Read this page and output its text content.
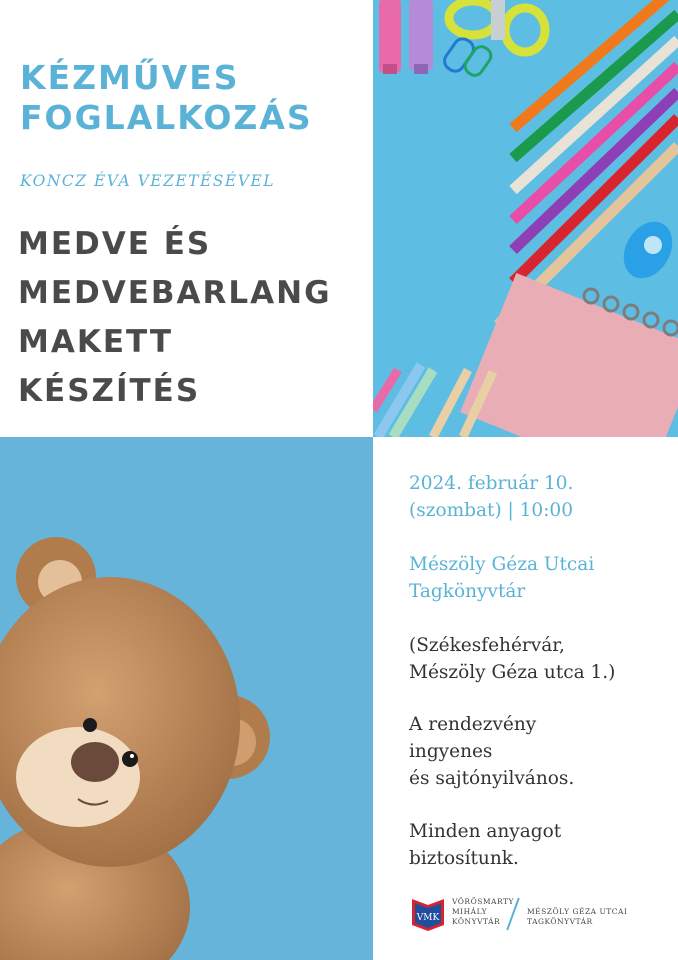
KÉZMŰVES
FOGLALKOZÁS

KONCZ ÉVA VEZETÉSÉVEL

MEDVE ÉS
MEDVEBARLANG
MAKETT
KÉSZÍTÉS

2024. február 10.
(szombat) | 10:00

Mészöly Géza Utcai
Tagkönyvtár

(Székesfehérvár,
Mészöly Géza utca 1.)

A rendezvény
ingyenes
és sajtónyilvános.

Minden anyagot
biztosítunk.

VMK
VÖRÖSMARTY
MIHÁLY
KÖNYVTÁR
MÉSZÖLY GÉZA UTCAI
TAGKÖNYVTÁR
